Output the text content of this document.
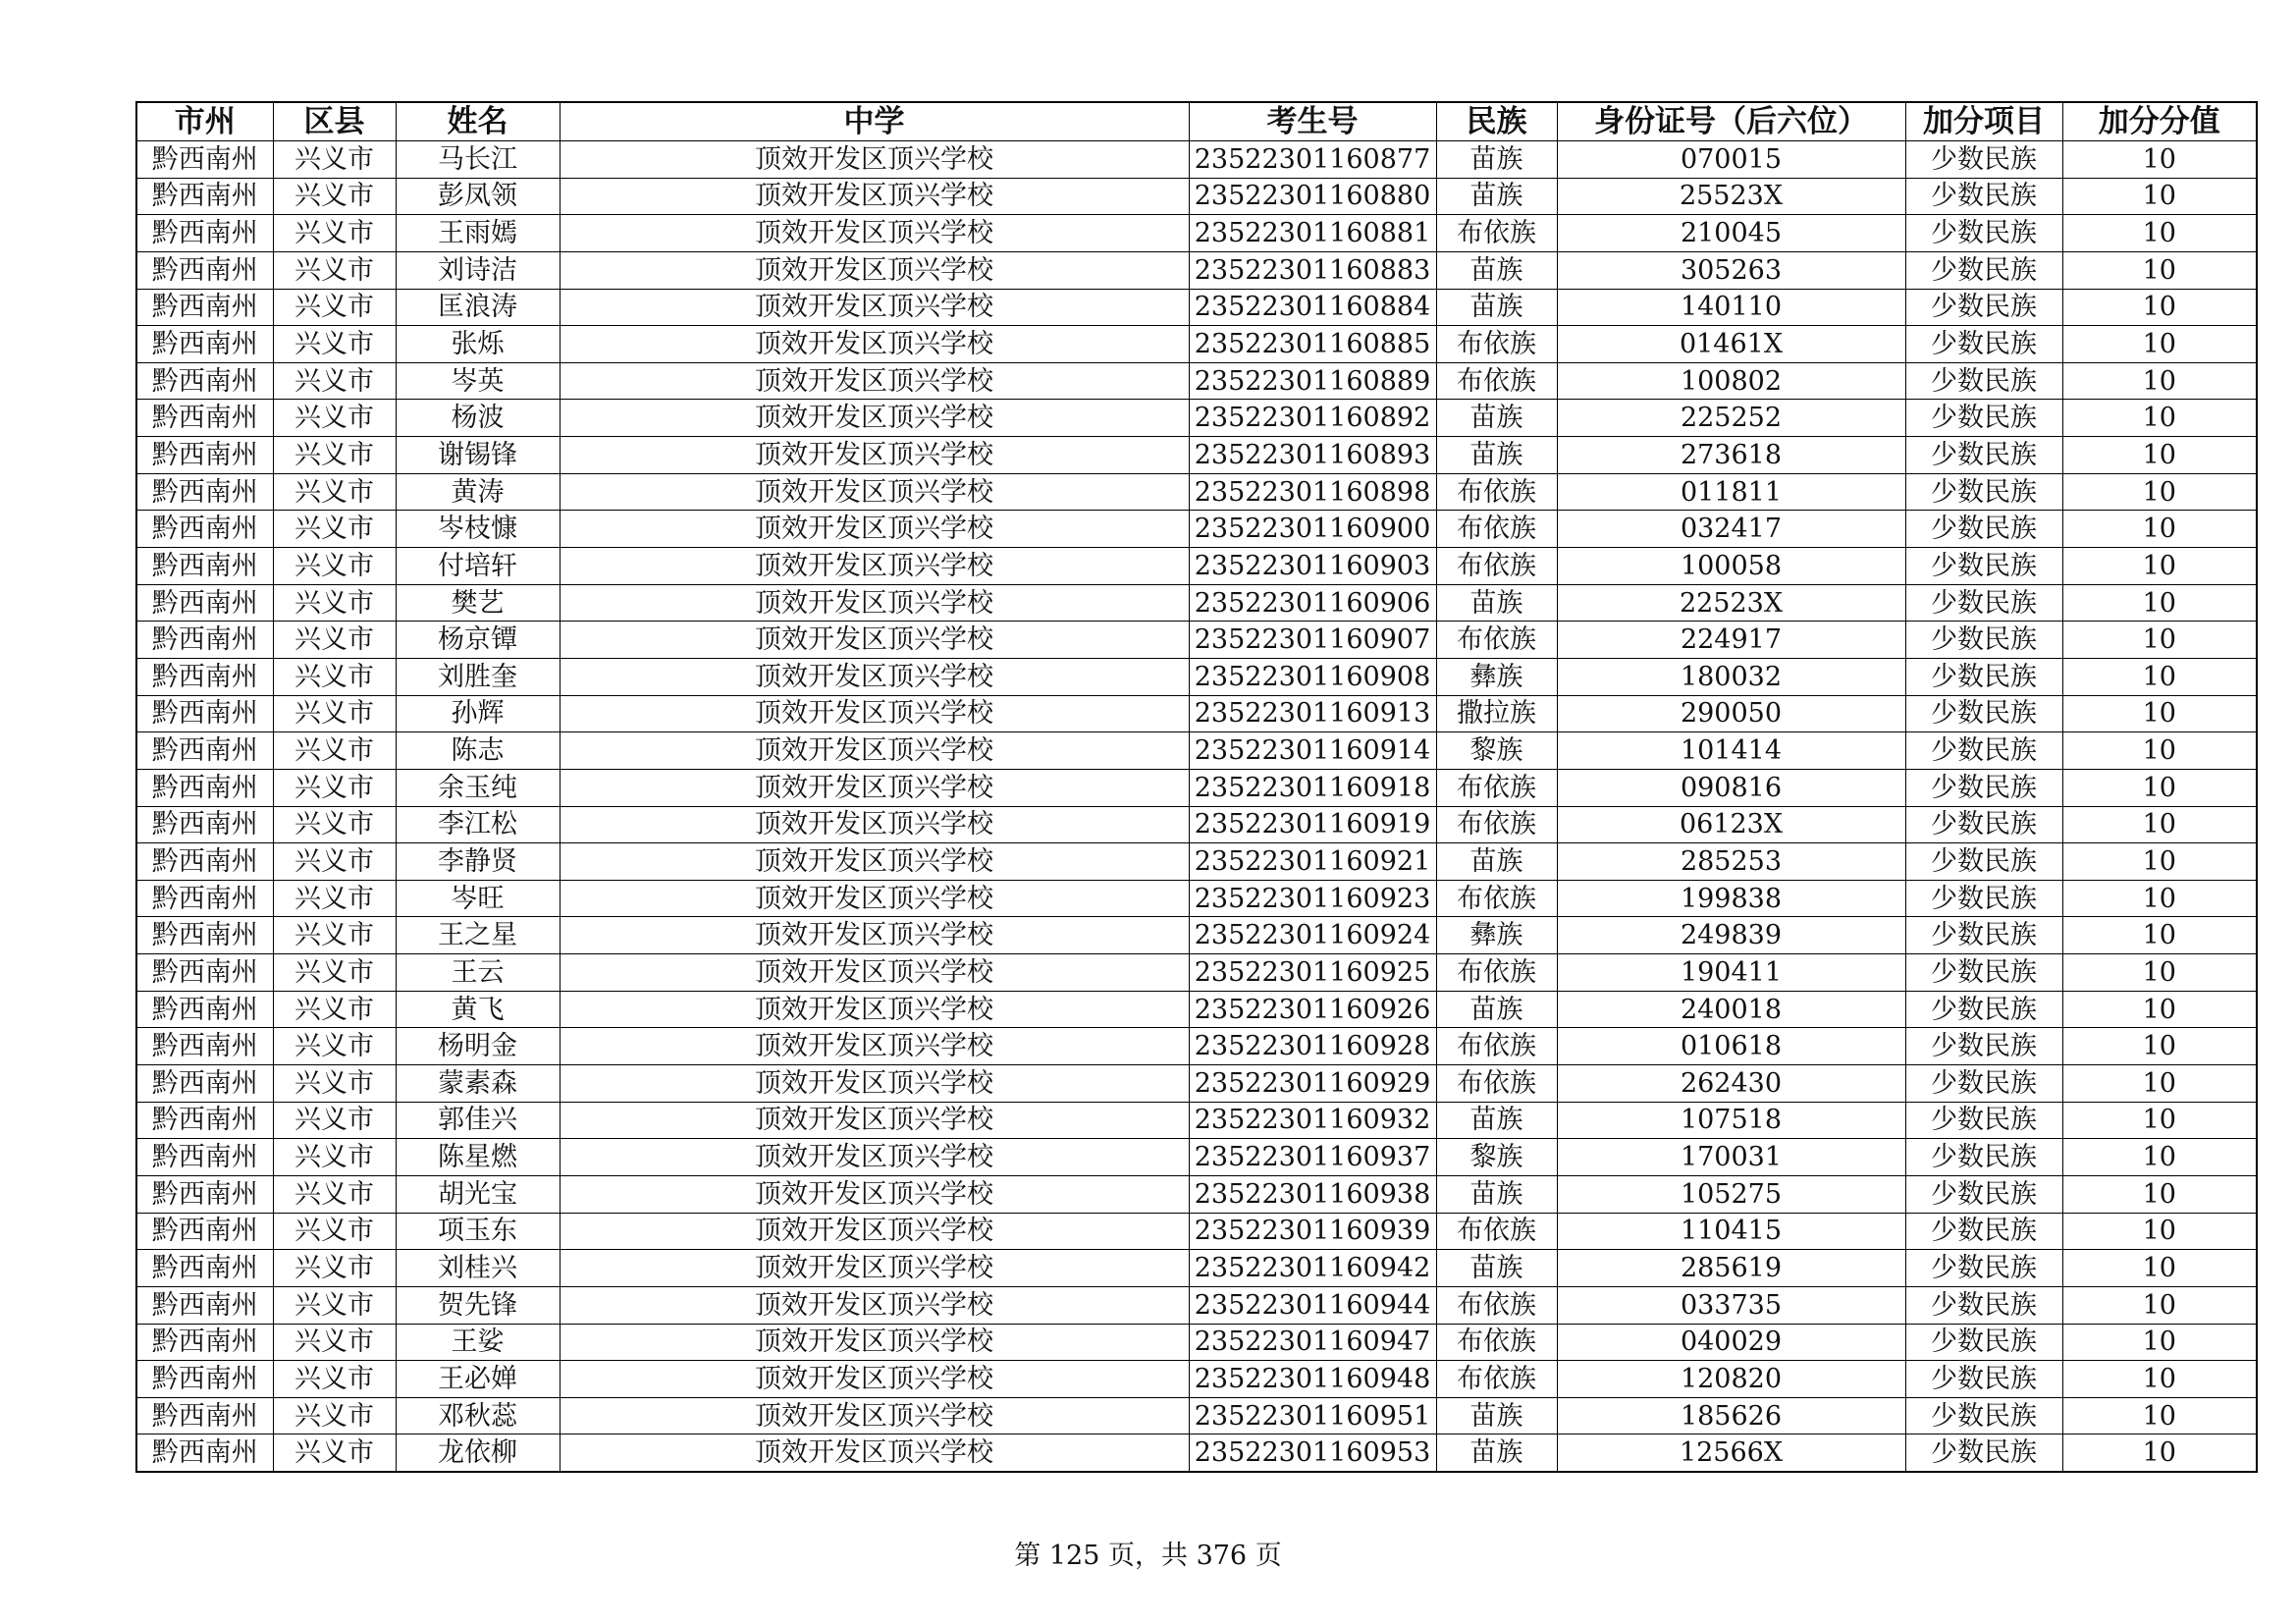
市州	区县	姓名	中学	考生号	民族	身份证号（后六位）	加分项目	加分分值
黔西南州	兴义市	马长江	顶效开发区顶兴学校	23522301160877	苗族	070015	少数民族	10
黔西南州	兴义市	彭凤领	顶效开发区顶兴学校	23522301160880	苗族	25523X	少数民族	10
黔西南州	兴义市	王雨嫣	顶效开发区顶兴学校	23522301160881	布依族	210045	少数民族	10
黔西南州	兴义市	刘诗洁	顶效开发区顶兴学校	23522301160883	苗族	305263	少数民族	10
黔西南州	兴义市	匡浪涛	顶效开发区顶兴学校	23522301160884	苗族	140110	少数民族	10
黔西南州	兴义市	张烁	顶效开发区顶兴学校	23522301160885	布依族	01461X	少数民族	10
黔西南州	兴义市	岑英	顶效开发区顶兴学校	23522301160889	布依族	100802	少数民族	10
黔西南州	兴义市	杨波	顶效开发区顶兴学校	23522301160892	苗族	225252	少数民族	10
黔西南州	兴义市	谢锡锋	顶效开发区顶兴学校	23522301160893	苗族	273618	少数民族	10
黔西南州	兴义市	黄涛	顶效开发区顶兴学校	23522301160898	布依族	011811	少数民族	10
黔西南州	兴义市	岑枝慷	顶效开发区顶兴学校	23522301160900	布依族	032417	少数民族	10
黔西南州	兴义市	付培轩	顶效开发区顶兴学校	23522301160903	布依族	100058	少数民族	10
黔西南州	兴义市	樊艺	顶效开发区顶兴学校	23522301160906	苗族	22523X	少数民族	10
黔西南州	兴义市	杨京镡	顶效开发区顶兴学校	23522301160907	布依族	224917	少数民族	10
黔西南州	兴义市	刘胜奎	顶效开发区顶兴学校	23522301160908	彝族	180032	少数民族	10
黔西南州	兴义市	孙辉	顶效开发区顶兴学校	23522301160913	撒拉族	290050	少数民族	10
黔西南州	兴义市	陈志	顶效开发区顶兴学校	23522301160914	黎族	101414	少数民族	10
黔西南州	兴义市	余玉纯	顶效开发区顶兴学校	23522301160918	布依族	090816	少数民族	10
黔西南州	兴义市	李江松	顶效开发区顶兴学校	23522301160919	布依族	06123X	少数民族	10
黔西南州	兴义市	李静贤	顶效开发区顶兴学校	23522301160921	苗族	285253	少数民族	10
黔西南州	兴义市	岑旺	顶效开发区顶兴学校	23522301160923	布依族	199838	少数民族	10
黔西南州	兴义市	王之星	顶效开发区顶兴学校	23522301160924	彝族	249839	少数民族	10
黔西南州	兴义市	王云	顶效开发区顶兴学校	23522301160925	布依族	190411	少数民族	10
黔西南州	兴义市	黄飞	顶效开发区顶兴学校	23522301160926	苗族	240018	少数民族	10
黔西南州	兴义市	杨明金	顶效开发区顶兴学校	23522301160928	布依族	010618	少数民族	10
黔西南州	兴义市	蒙素森	顶效开发区顶兴学校	23522301160929	布依族	262430	少数民族	10
黔西南州	兴义市	郭佳兴	顶效开发区顶兴学校	23522301160932	苗族	107518	少数民族	10
黔西南州	兴义市	陈星燃	顶效开发区顶兴学校	23522301160937	黎族	170031	少数民族	10
黔西南州	兴义市	胡光宝	顶效开发区顶兴学校	23522301160938	苗族	105275	少数民族	10
黔西南州	兴义市	项玉东	顶效开发区顶兴学校	23522301160939	布依族	110415	少数民族	10
黔西南州	兴义市	刘桂兴	顶效开发区顶兴学校	23522301160942	苗族	285619	少数民族	10
黔西南州	兴义市	贺先锋	顶效开发区顶兴学校	23522301160944	布依族	033735	少数民族	10
黔西南州	兴义市	王娑	顶效开发区顶兴学校	23522301160947	布依族	040029	少数民族	10
黔西南州	兴义市	王必婵	顶效开发区顶兴学校	23522301160948	布依族	120820	少数民族	10
黔西南州	兴义市	邓秋蕊	顶效开发区顶兴学校	23522301160951	苗族	185626	少数民族	10
黔西南州	兴义市	龙依柳	顶效开发区顶兴学校	23522301160953	苗族	12566X	少数民族	10
第 125 页，共 376 页
